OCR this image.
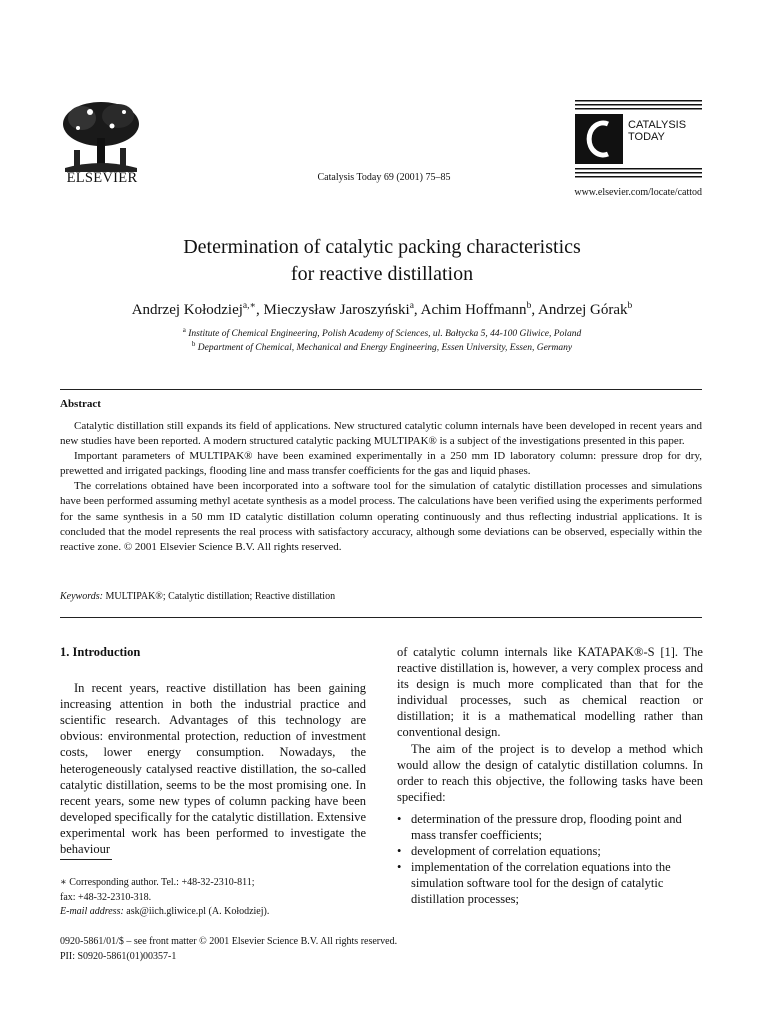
ELSEVIER	Catalysis Today 69 (2001) 75–85
CATALYSIS
TODAY
www.elsevier.com/locate/cattod
Determination of catalytic packing characteristics
for reactive distillation
Andrzej Kołodziej$^{a,∗}$, Mieczysław Jaroszyński$^a$, Achim Hoffmann$^b$, Andrzej Górak$^b$
$^a$ Institute of Chemical Engineering, Polish Academy of Sciences, ul. Bałtycka 5, 44-100 Gliwice, Poland
$^b$ Department of Chemical, Mechanical and Energy Engineering, Essen University, Essen, Germany
Abstract

Catalytic distillation still expands its field of applications. New structured catalytic column internals have been developed in recent years and new studies have been reported. A modern structured catalytic packing MULTIPAK® is a subject of the investigations presented in this paper.

Important parameters of MULTIPAK® have been examined experimentally in a 250 mm ID laboratory column: pressure drop for dry, prewetted and irrigated packings, flooding line and mass transfer coefficients for the gas and liquid phases.

The correlations obtained have been incorporated into a software tool for the simulation of catalytic distillation processes and simulations have been performed assuming methyl acetate synthesis as a model process. The calculations have been verified using the experiments performed for the same synthesis in a 50 mm ID catalytic distillation column operating continuously and thus reflecting industrial applications. It is concluded that the model represents the real process with satisfactory accuracy, although some deviations can be observed, especially within the reactive zone. © 2001 Elsevier Science B.V. All rights reserved.

Keywords: MULTIPAK®; Catalytic distillation; Reactive distillation
1. Introduction

In recent years, reactive distillation has been gaining increasing attention in both the industrial practice and scientific research. Advantages of this technology are obvious: environmental protection, reduction of investment costs, lower energy consumption. Nowadays, the heterogeneously catalysed reactive distillation, the so-called catalytic distillation, seems to be the most promising one. In recent years, some new types of column packing have been developed specifically for the catalytic distillation. Extensive experimental work has been performed to investigate the behaviour

of catalytic column internals like KATAPAK®-S [1]. The reactive distillation is, however, a very complex process and its design is much more complicated than that for the individual processes, such as chemical reaction or distillation; it is a mathematical modelling rather than conventional design.

The aim of the project is to develop a method which would allow the design of catalytic distillation columns. In order to reach this objective, the following tasks have been specified:

• determination of the pressure drop, flooding point and mass transfer coefficients;
• development of correlation equations;
• implementation of the correlation equations into the simulation software tool for the design of catalytic distillation processes;
∗ Corresponding author. Tel.: +48-32-2310-811;
fax: +48-32-2310-318.
E-mail address: ask@iich.gliwice.pl (A. Kołodziej).
0920-5861/01/$ – see front matter © 2001 Elsevier Science B.V. All rights reserved.
PII: S0920-5861(01)00357-1
